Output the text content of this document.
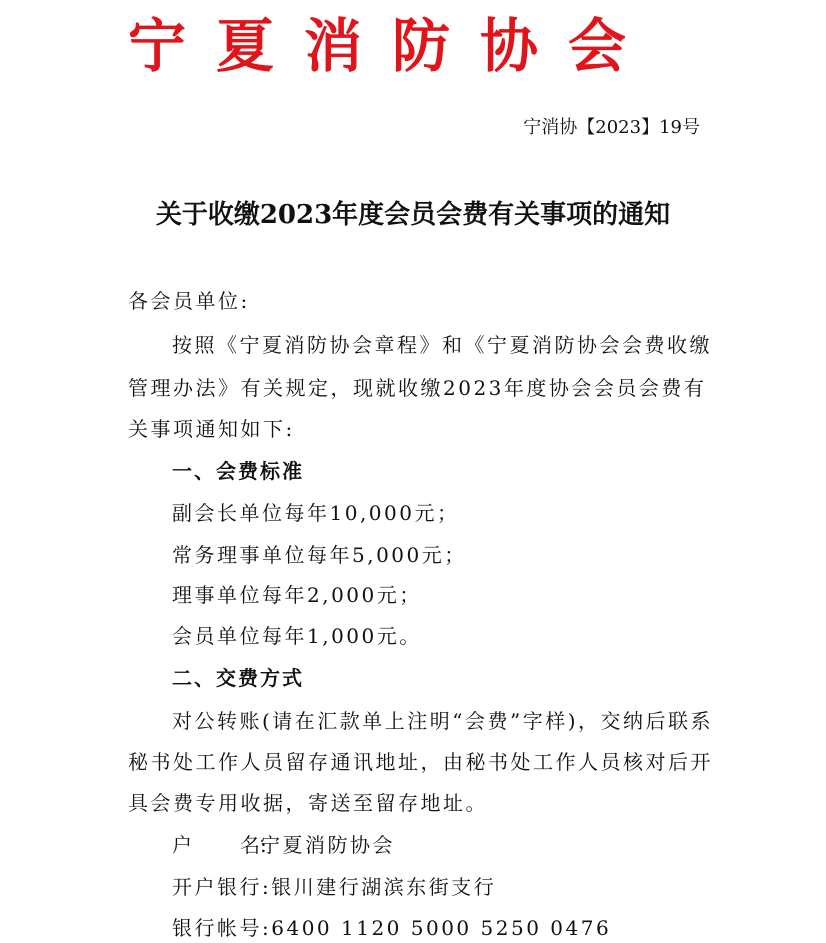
宁夏消防协会
宁消协【2023】19号
关于收缴2023年度会员会费有关事项的通知
各会员单位:
按照《宁夏消防协会章程》和《宁夏消防协会会费收缴
管理办法》有关规定，现就收缴2023年度协会会员会费有
关事项通知如下:
一、会费标准
副会长单位每年10,000元；
常务理事单位每年5,000元；
理事单位每年2,000元；
会员单位每年1,000元。
二、交费方式
对公转账(请在汇款单上注明“会费”字样)，交纳后联系
秘书处工作人员留存通讯地址，由秘书处工作人员核对后开
具会费专用收据，寄送至留存地址。
户 名:宁夏消防协会
开户银行:银川建行湖滨东街支行
银行帐号:6400 1120 5000 5250 0476
